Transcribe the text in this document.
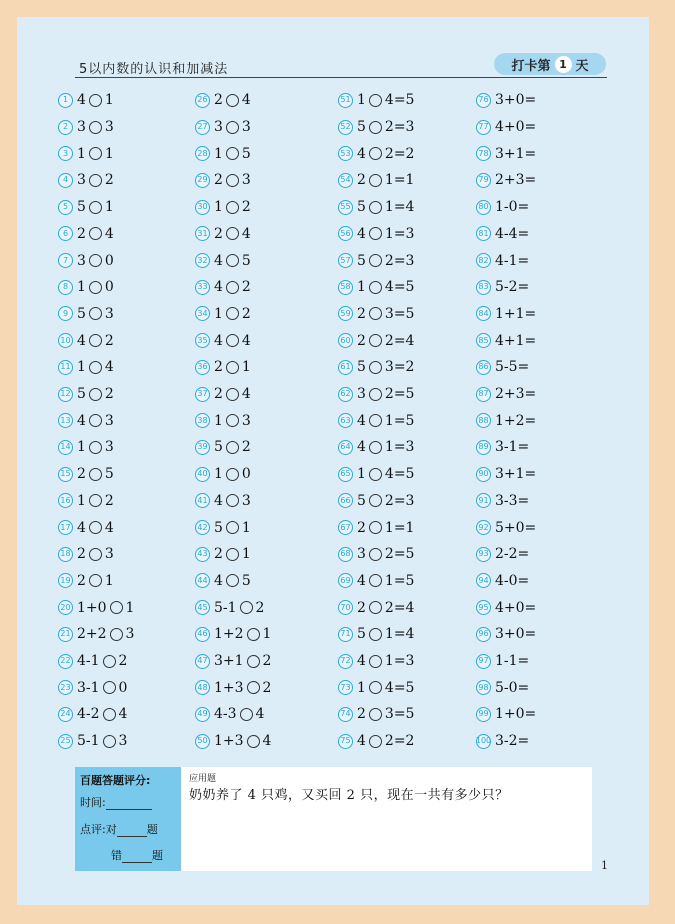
5以内数的认识和加减法	打卡第 1 天
1 4 1
2 3 3
3 1 1
4 3 2
5 5 1
6 2 4
7 3 0
8 1 0
9 5 3
10 4 2
11 1 4
12 5 2
13 4 3
14 1 3
15 2 5
16 1 2
17 4 4
18 2 3
19 2 1
20 1+0 1
21 2+2 3
22 4-1 2
23 3-1 0
24 4-2 4
25 5-1 3
26 2 4
27 3 3
28 1 5
29 2 3
30 1 2
31 2 4
32 4 5
33 4 2
34 1 2
35 4 4
36 2 1
37 2 4
38 1 3
39 5 2
40 1 0
41 4 3
42 5 1
43 2 1
44 4 5
45 5-1 2
46 1+2 1
47 3+1 2
48 1+3 2
49 4-3 4
50 1+3 4
51 1 4=5
52 5 2=3
53 4 2=2
54 2 1=1
55 5 1=4
56 4 1=3
57 5 2=3
58 1 4=5
59 2 3=5
60 2 2=4
61 5 3=2
62 3 2=5
63 4 1=5
64 4 1=3
65 1 4=5
66 5 2=3
67 2 1=1
68 3 2=5
69 4 1=5
70 2 2=4
71 5 1=4
72 4 1=3
73 1 4=5
74 2 3=5
75 4 2=2
76 3+0=
77 4+0=
78 3+1=
79 2+3=
80 1-0=
81 4-4=
82 4-1=
83 5-2=
84 1+1=
85 4+1=
86 5-5=
87 2+3=
88 1+2=
89 3-1=
90 3+1=
91 3-3=
92 5+0=
93 2-2=
94 4-0=
95 4+0=
96 3+0=
97 1-1=
98 5-0=
99 1+0=
100 3-2=
百题答题评分:
时间:
点评:对	题
错	题
应用题
奶奶养了 4 只鸡，又买回 2 只，现在一共有多少只？
1
